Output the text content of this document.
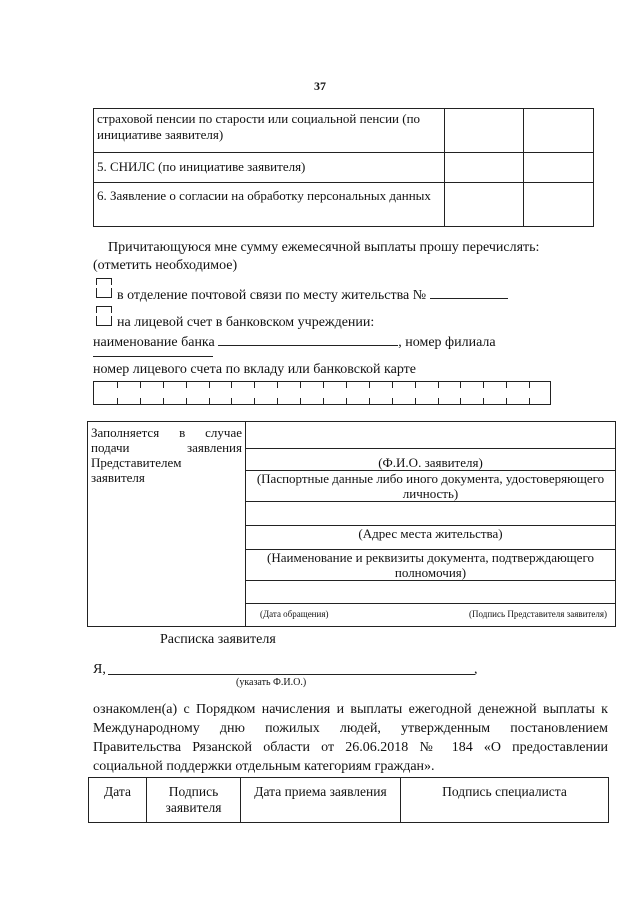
37
страховой пенсии по старости или социальной пенсии (по инициативе заявителя)		
5. СНИЛС (по инициативе заявителя)		
6. Заявление о согласии на обработку персональных данных		
Причитающуюся мне сумму ежемесячной выплаты прошу перечислять:
(отметить необходимое)
в отделение почтовой связи по месту жительства №
на лицевой счет в банковском учреждении:
наименование банка	, номер филиала
номер лицевого счета по вкладу или банковской карте
Заполняется в случае
подачи заявления
Представителем
заявителя

(Ф.И.О. заявителя)
(Паспортные данные либо иного документа, удостоверяющего личность)

(Адрес места жительства)
(Наименование и реквизиты документа, подтверждающего полномочия)

(Дата обращения)	(Подпись Представителя заявителя)
Расписка заявителя
Я,	,
(указать Ф.И.О.)
ознакомлен(а) с Порядком начисления и выплаты ежегодной денежной выплаты к
Международному дню пожилых людей, утвержденным постановлением
Правительства Рязанской области от 26.06.2018 № 184 «О предоставлении
социальной поддержки отдельным категориям граждан».
Дата	Подпись заявителя	Дата приема заявления	Подпись специалиста
